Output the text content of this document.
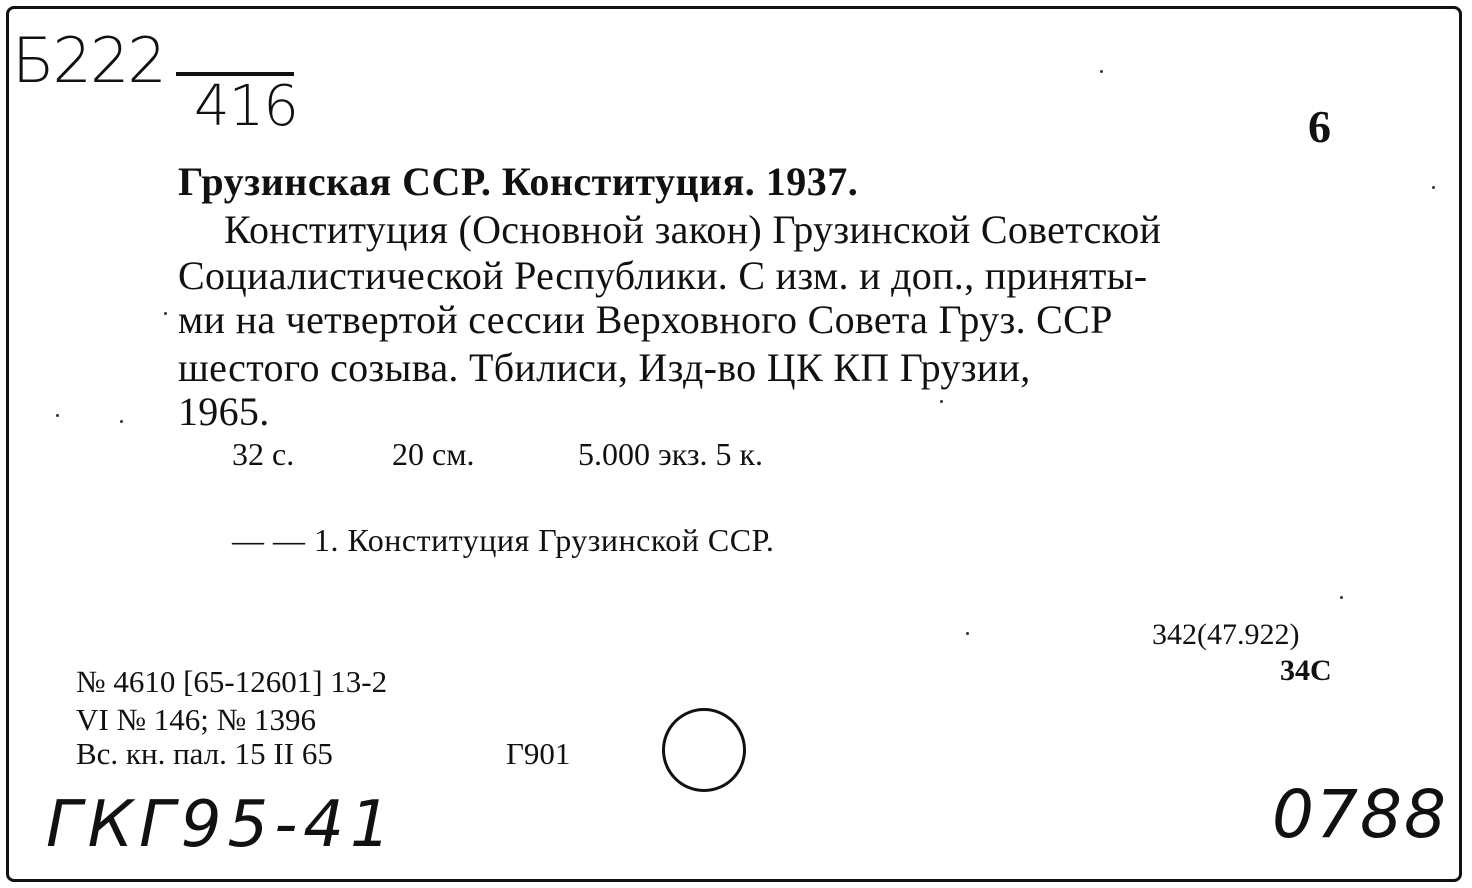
Б222
416	6
Грузинская ССР. Конституция. 1937.
Конституция (Основной закон) Грузинской Советской
Социалистической Республики. С изм. и доп., приняты-
ми на четвертой сессии Верховного Совета Груз. ССР
шестого созыва. Тбилиси, Изд-во ЦК КП Грузии,
1965.
32 с.	20 см.	5.000 экз. 5 к.
— — 1. Конституция Грузинской ССР.
342(47.922)
34С
№ 4610 [65-12601] 13-2
VI № 146; № 1396
Вс. кн. пал. 15 II 65	Г901
ГКГ95-41	0788
